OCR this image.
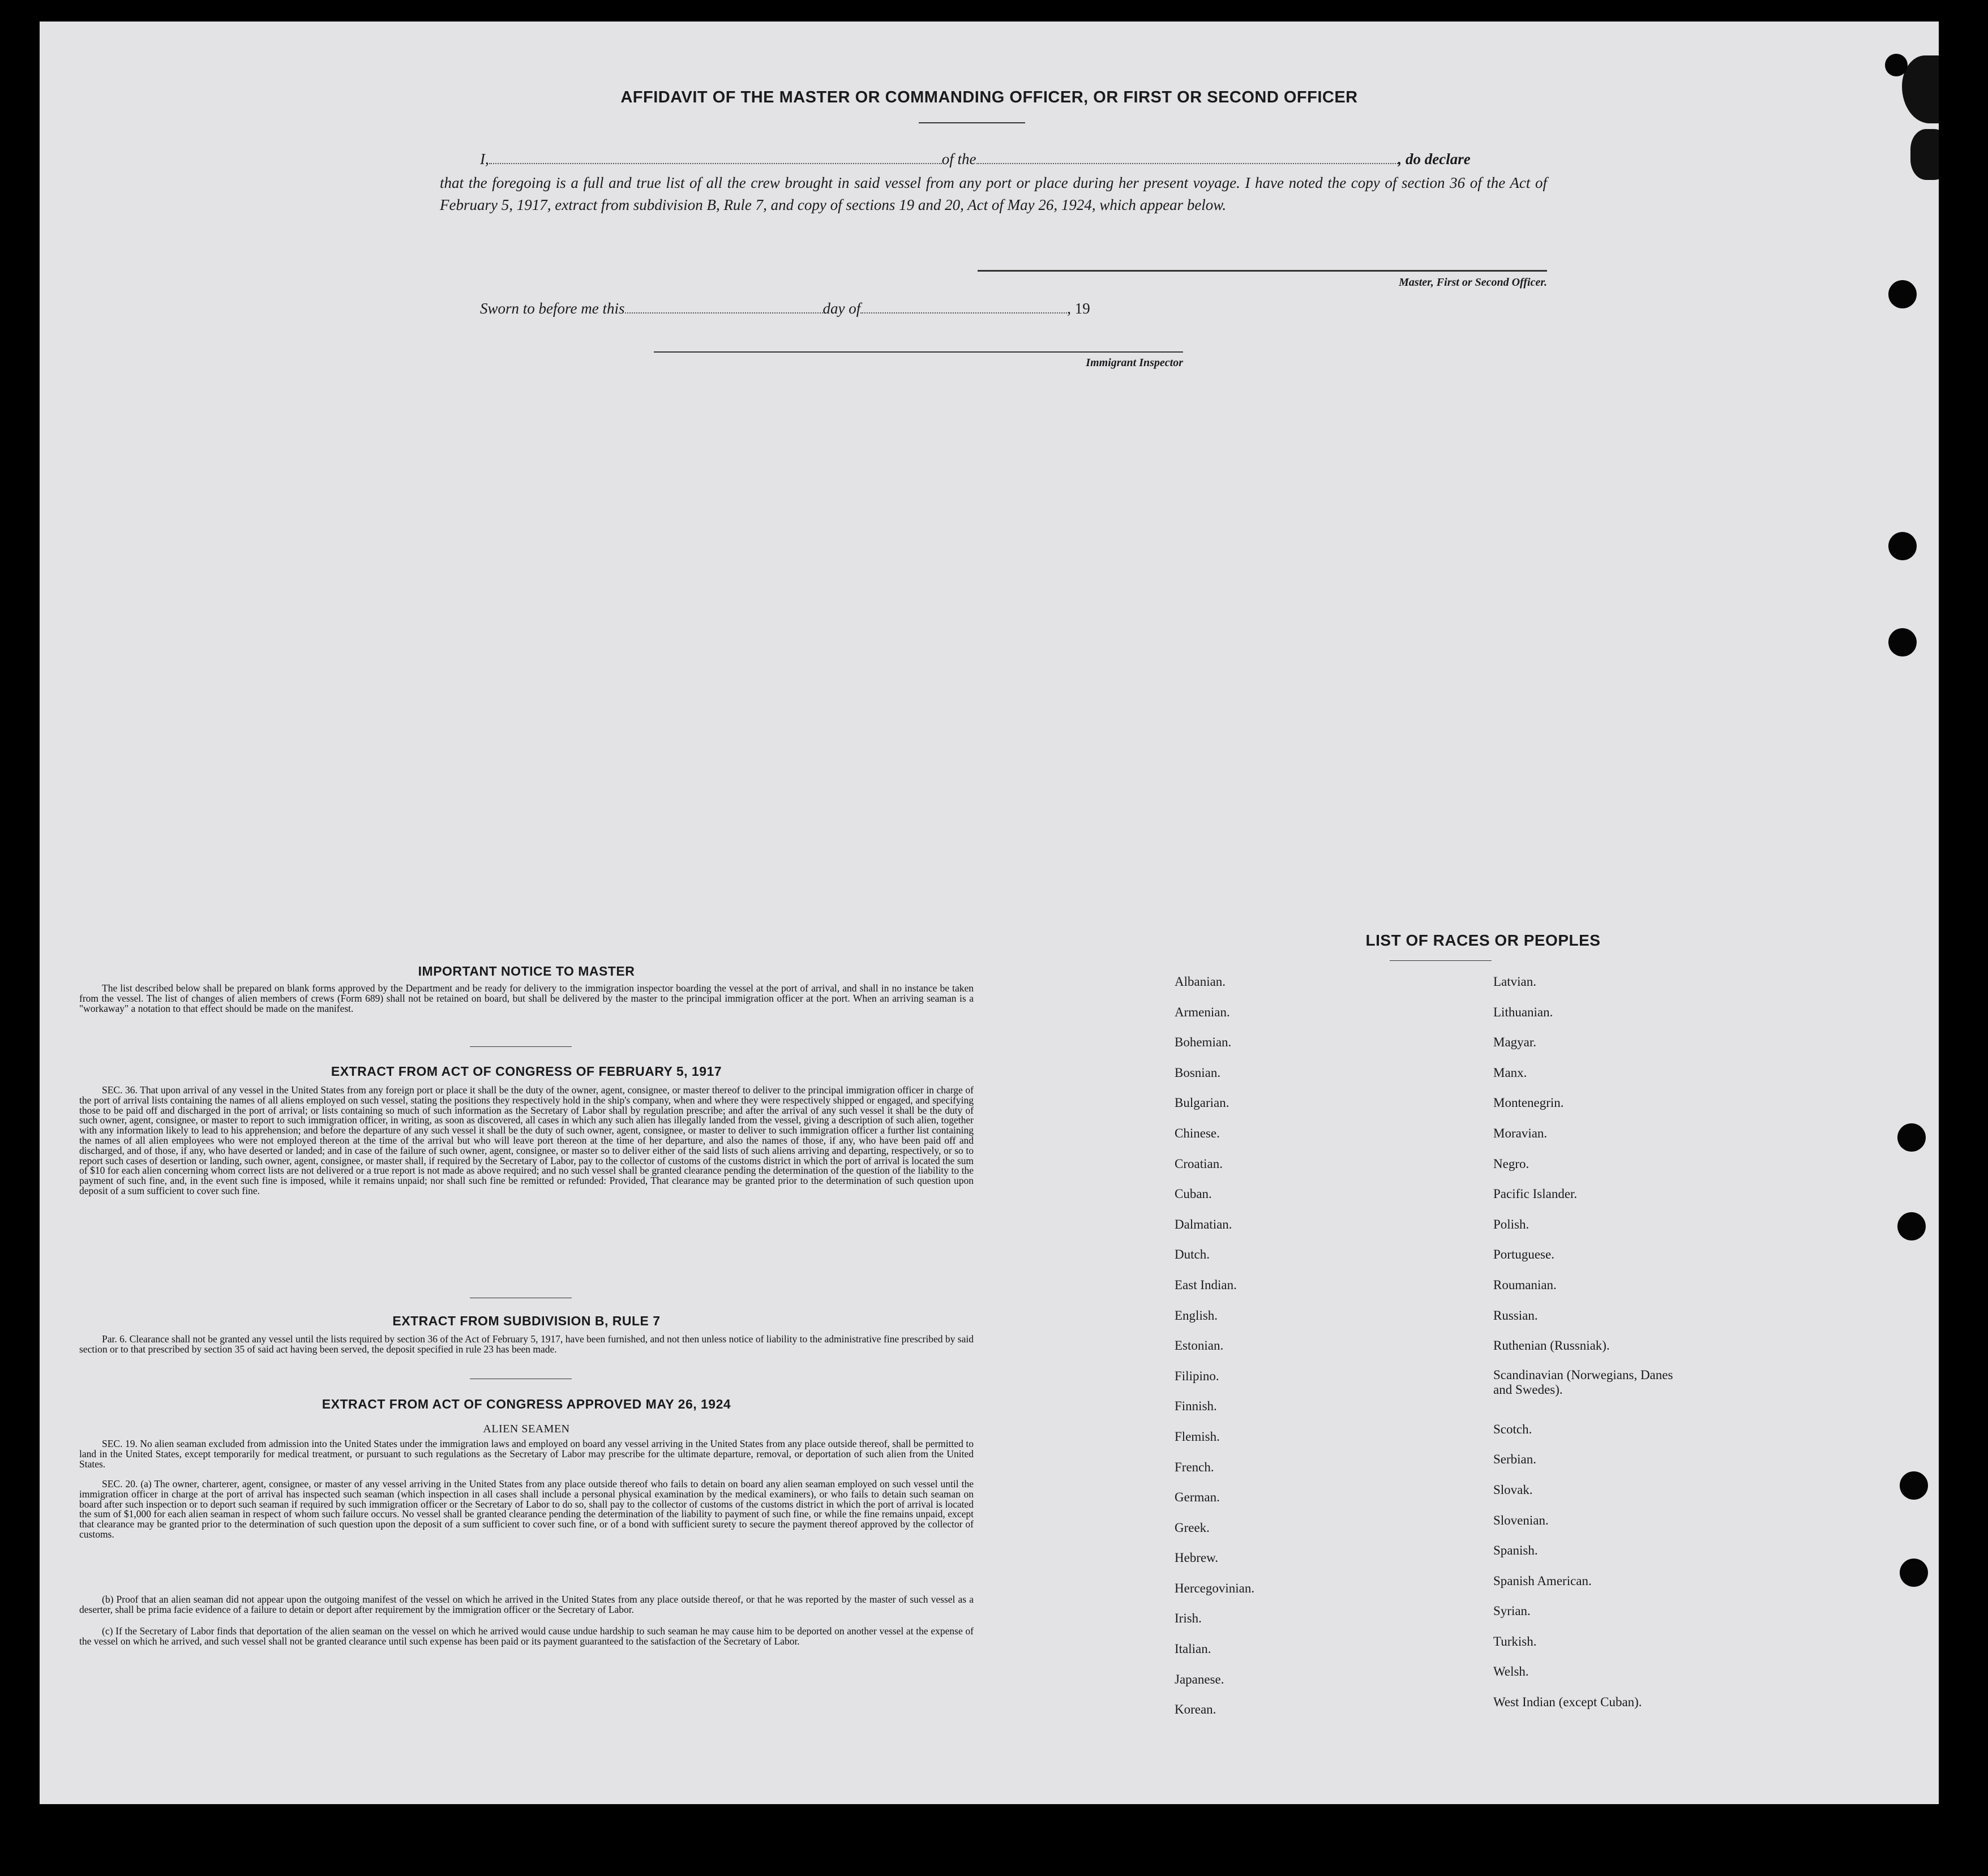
AFFIDAVIT OF THE MASTER OR COMMANDING OFFICER, OR FIRST OR SECOND OFFICER
I,	of the	, do declare
that the foregoing is a full and true list of all the crew brought in said vessel from any port or place during her present voyage. I have noted the copy of section 36 of the Act of February 5, 1917, extract from subdivision B, Rule 7, and copy of sections 19 and 20, Act of May 26, 1924, which appear below.
Master, First or Second Officer.
Sworn to before me this	day of	, 19
Immigrant Inspector
IMPORTANT NOTICE TO MASTER
The list described below shall be prepared on blank forms approved by the Department and be ready for delivery to the immigration inspector boarding the vessel at the port of arrival, and shall in no instance be taken from the vessel. The list of changes of alien members of crews (Form 689) shall not be retained on board, but shall be delivered by the master to the principal immigration officer at the port. When an arriving seaman is a "workaway" a notation to that effect should be made on the manifest.
EXTRACT FROM ACT OF CONGRESS OF FEBRUARY 5, 1917
SEC. 36. That upon arrival of any vessel in the United States from any foreign port or place it shall be the duty of the owner, agent, consignee, or master thereof to deliver to the principal immigration officer in charge of the port of arrival lists containing the names of all aliens employed on such vessel, stating the positions they respectively hold in the ship's company, when and where they were respectively shipped or engaged, and specifying those to be paid off and discharged in the port of arrival; or lists containing so much of such information as the Secretary of Labor shall by regulation prescribe; and after the arrival of any such vessel it shall be the duty of such owner, agent, consignee, or master to report to such immigration officer, in writing, as soon as discovered, all cases in which any such alien has illegally landed from the vessel, giving a description of such alien, together with any information likely to lead to his apprehension; and before the departure of any such vessel it shall be the duty of such owner, agent, consignee, or master to deliver to such immigration officer a further list containing the names of all alien employees who were not employed thereon at the time of the arrival but who will leave port thereon at the time of her departure, and also the names of those, if any, who have been paid off and discharged, and of those, if any, who have deserted or landed; and in case of the failure of such owner, agent, consignee, or master so to deliver either of the said lists of such aliens arriving and departing, respectively, or so to report such cases of desertion or landing, such owner, agent, consignee, or master shall, if required by the Secretary of Labor, pay to the collector of customs of the customs district in which the port of arrival is located the sum of $10 for each alien concerning whom correct lists are not delivered or a true report is not made as above required; and no such vessel shall be granted clearance pending the determination of the question of the liability to the payment of such fine, and, in the event such fine is imposed, while it remains unpaid; nor shall such fine be remitted or refunded: Provided, That clearance may be granted prior to the determination of such question upon deposit of a sum sufficient to cover such fine.
EXTRACT FROM SUBDIVISION B, RULE 7
Par. 6. Clearance shall not be granted any vessel until the lists required by section 36 of the Act of February 5, 1917, have been furnished, and not then unless notice of liability to the administrative fine prescribed by said section or to that prescribed by section 35 of said act having been served, the deposit specified in rule 23 has been made.
EXTRACT FROM ACT OF CONGRESS APPROVED MAY 26, 1924
ALIEN SEAMEN
SEC. 19. No alien seaman excluded from admission into the United States under the immigration laws and employed on board any vessel arriving in the United States from any place outside thereof, shall be permitted to land in the United States, except temporarily for medical treatment, or pursuant to such regulations as the Secretary of Labor may prescribe for the ultimate departure, removal, or deportation of such alien from the United States.
SEC. 20. (a) The owner, charterer, agent, consignee, or master of any vessel arriving in the United States from any place outside thereof who fails to detain on board any alien seaman employed on such vessel until the immigration officer in charge at the port of arrival has inspected such seaman (which inspection in all cases shall include a personal physical examination by the medical examiners), or who fails to detain such seaman on board after such inspection or to deport such seaman if required by such immigration officer or the Secretary of Labor to do so, shall pay to the collector of customs of the customs district in which the port of arrival is located the sum of $1,000 for each alien seaman in respect of whom such failure occurs. No vessel shall be granted clearance pending the determination of the liability to payment of such fine, or while the fine remains unpaid, except that clearance may be granted prior to the determination of such question upon the deposit of a sum sufficient to cover such fine, or of a bond with sufficient surety to secure the payment thereof approved by the collector of customs.
(b) Proof that an alien seaman did not appear upon the outgoing manifest of the vessel on which he arrived in the United States from any place outside thereof, or that he was reported by the master of such vessel as a deserter, shall be prima facie evidence of a failure to detain or deport after requirement by the immigration officer or the Secretary of Labor.
(c) If the Secretary of Labor finds that deportation of the alien seaman on the vessel on which he arrived would cause undue hardship to such seaman he may cause him to be deported on another vessel at the expense of the vessel on which he arrived, and such vessel shall not be granted clearance until such expense has been paid or its payment guaranteed to the satisfaction of the Secretary of Labor.
LIST OF RACES OR PEOPLES
Albanian.
Armenian.
Bohemian.
Bosnian.
Bulgarian.
Chinese.
Croatian.
Cuban.
Dalmatian.
Dutch.
East Indian.
English.
Estonian.
Filipino.
Finnish.
Flemish.
French.
German.
Greek.
Hebrew.
Hercegovinian.
Irish.
Italian.
Japanese.
Korean.
Latvian.
Lithuanian.
Magyar.
Manx.
Montenegrin.
Moravian.
Negro.
Pacific Islander.
Polish.
Portuguese.
Roumanian.
Russian.
Ruthenian (Russniak).
Scandinavian (Norwegians, Danes and Swedes).
Scotch.
Serbian.
Slovak.
Slovenian.
Spanish.
Spanish American.
Syrian.
Turkish.
Welsh.
West Indian (except Cuban).
